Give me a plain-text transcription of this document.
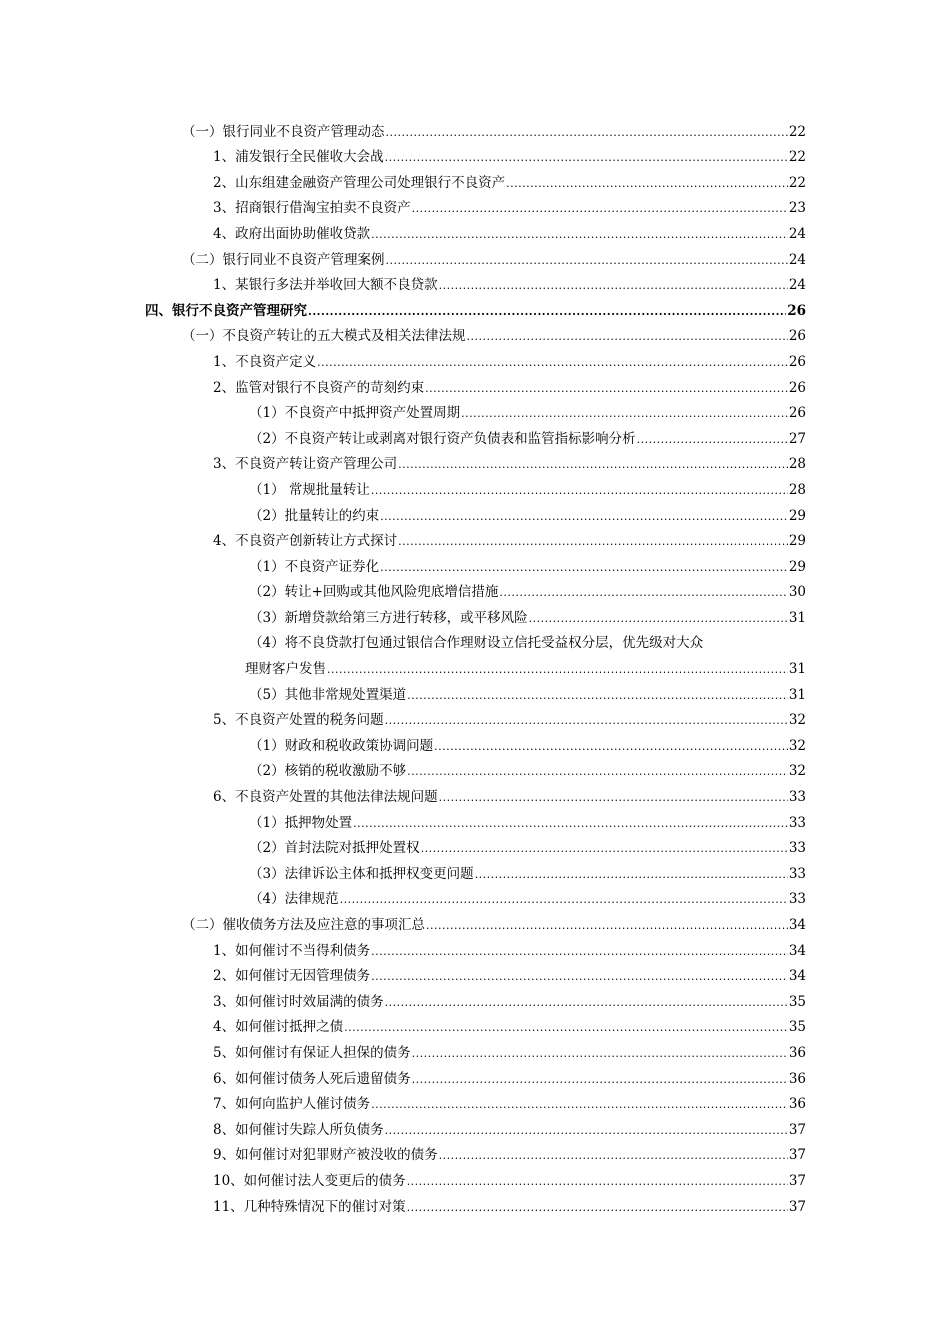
（一）银行同业不良资产管理动态 .....	22
1、浦发银行全民催收大会战 .....	22
2、山东组建金融资产管理公司处理银行不良资产 .....	22
3、招商银行借淘宝拍卖不良资产 .....	23
4、政府出面协助催收贷款 .....	24
（二）银行同业不良资产管理案例 .....	24
1、某银行多法并举收回大额不良贷款 .....	24
四、银行不良资产管理研究 .....	26
（一）不良资产转让的五大模式及相关法律法规 .....	26
1、不良资产定义 .....	26
2、监管对银行不良资产的苛刻约束 .....	26
（1）不良资产中抵押资产处置周期 .....	26
（2）不良资产转让或剥离对银行资产负债表和监管指标影响分析 .....	27
3、不良资产转让资产管理公司 .....	28
（1） 常规批量转让 .....	28
（2）批量转让的约束 .....	29
4、不良资产创新转让方式探讨 .....	29
（1）不良资产证券化 .....	29
（2）转让+回购或其他风险兜底增信措施 .....	30
（3）新增贷款给第三方进行转移，或平移风险 .....	31
（4）将不良贷款打包通过银信合作理财设立信托受益权分层，优先级对大众
理财客户发售 .....	31
（5）其他非常规处置渠道 .....	31
5、不良资产处置的税务问题 .....	32
（1）财政和税收政策协调问题 .....	32
（2）核销的税收激励不够 .....	32
6、不良资产处置的其他法律法规问题 .....	33
（1）抵押物处置 .....	33
（2）首封法院对抵押处置权 .....	33
（3）法律诉讼主体和抵押权变更问题 .....	33
（4）法律规范 .....	33
（二）催收债务方法及应注意的事项汇总 .....	34
1、如何催讨不当得利债务 .....	34
2、如何催讨无因管理债务 .....	34
3、如何催讨时效届满的债务 .....	35
4、如何催讨抵押之债 .....	35
5、如何催讨有保证人担保的债务 .....	36
6、如何催讨债务人死后遗留债务 .....	36
7、如何向监护人催讨债务 .....	36
8、如何催讨失踪人所负债务 .....	37
9、如何催讨对犯罪财产被没收的债务 .....	37
10、如何催讨法人变更后的债务 .....	37
11、几种特殊情况下的催讨对策 .....	37
